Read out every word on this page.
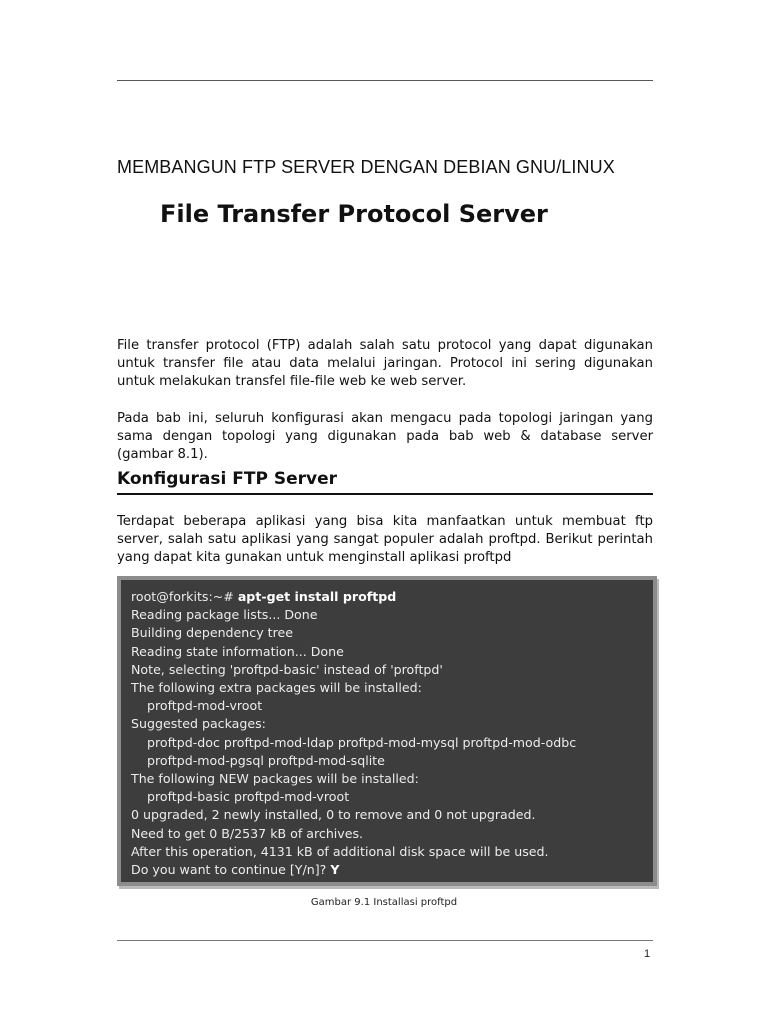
MEMBANGUN FTP SERVER DENGAN DEBIAN GNU/LINUX
File Transfer Protocol Server

File transfer protocol (FTP) adalah salah satu protocol yang dapat digunakan untuk transfer file atau data melalui jaringan. Protocol ini sering digunakan untuk melakukan transfel file-file web ke web server.

Pada bab ini, seluruh konfigurasi akan mengacu pada topologi jaringan yang sama dengan topologi yang digunakan pada bab web & database server (gambar 8.1).

Konfigurasi FTP Server

Terdapat beberapa aplikasi yang bisa kita manfaatkan untuk membuat ftp server, salah satu aplikasi yang sangat populer adalah proftpd. Berikut perintah yang dapat kita gunakan untuk menginstall aplikasi proftpd

root@forkits:~# apt-get install proftpd
Reading package lists... Done
Building dependency tree
Reading state information... Done
Note, selecting 'proftpd-basic' instead of 'proftpd'
The following extra packages will be installed:
proftpd-mod-vroot
Suggested packages:
proftpd-doc proftpd-mod-ldap proftpd-mod-mysql proftpd-mod-odbc
proftpd-mod-pgsql proftpd-mod-sqlite
The following NEW packages will be installed:
proftpd-basic proftpd-mod-vroot
0 upgraded, 2 newly installed, 0 to remove and 0 not upgraded.
Need to get 0 B/2537 kB of archives.
After this operation, 4131 kB of additional disk space will be used.
Do you want to continue [Y/n]? Y
Gambar 9.1 Installasi proftpd
1
